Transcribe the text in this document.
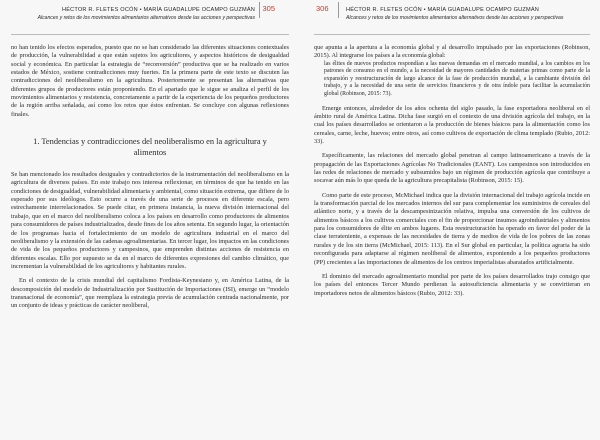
HÉCTOR R. FLETES OCÓN • MARÍA GUADALUPE OCAMPO GUZMÁN
Alcances y retos de los movimientos alimentarios alternativos desde las acciones y perspectivas
305

no han tenido los efectos esperados, puesto que no se han considerado las diferentes situaciones contextuales de producción, la vulnerabilidad a que están sujetos los agricultores, y aspectos históricos de desigualdad social y económica. En particular la estrategia de “reconversión” productiva que se ha realizado en varios estados de México, sostiene contradicciones muy fuertes. En la primera parte de este texto se discuten las contradicciones del neoliberalismo en la agricultura. Posteriormente se presentan las alternativas que diferentes grupos de productores están proponiendo. En el apartado que le sigue se analiza el perfil de los movimientos alimentarios y resistencia, concretamente a partir de la experiencia de los pequeños productores de la región arriba señalada, así como los retos que éstos enfrentan. Se concluye con algunas reflexiones finales.

1. Tendencias y contradicciones del neoliberalismo en la agricultura y alimentos

Se han mencionado los resultados desiguales y contradictorios de la instrumentación del neoliberalismo en la agricultura de diversos países. En este trabajo nos interesa reflexionar, en términos de que ha tenido en las condiciones de desigualdad, vulnerabilidad alimentaria y ambiental, como situación extrema, que difiere de lo esperado por sus ideólogos. Esto ocurre a través de una serie de procesos en diferente escala, pero estrechamente interrelacionados. Se puede citar, en primera instancia, la nueva división internacional del trabajo, que en el marco del neoliberalismo coloca a los países en desarrollo como productores de alimentos para consumidores de países industrializados, desde fines de los años setenta. En segundo lugar, la orientación de los programas hacia el fortalecimiento de un modelo de agricultura industrial en el marco del neoliberalismo y la extensión de las cadenas agroalimentarias. En tercer lugar, los impactos en las condiciones de vida de los pequeños productores y campesinos, que emprenden distintas acciones de resistencia en diferentes escalas. Ello por supuesto se da en el marco de diferentes expresiones del cambio climático, que incrementan la vulnerabilidad de los agricultores y habitantes rurales.

En el contexto de la crisis mundial del capitalismo Fordista-Keynesiano y, en América Latina, de la descomposición del modelo de Industrialización por Sustitución de Importaciones (ISI), emerge un “modelo transnacional de economía”, que reemplaza la estrategia previa de acumulación centrada nacionalmente, por un conjunto de ideas y prácticas de carácter neoliberal,

306	HÉCTOR R. FLETES OCÓN • MARÍA GUADALUPE OCAMPO GUZMÁN
Alcances y retos de los movimientos alimentarios alternativos desde las acciones y perspectivas

que apunta a la apertura a la economía global y al desarrollo impulsado por las exportaciones (Robinson, 2015). Al integrarse los países a la economía global:

las élites de nuevos productos respondían a las nuevas demandas en el mercado mundial, a los cambios en los patrones de consumo en el mundo, a la necesidad de mayores cantidades de materias primas como parte de la expansión y reestructuración de largo alcance de la fase de producción mundial, a la cambiante división del trabajo, y a la necesidad de una serie de servicios financieros y de otra índole para facilitar la acumulación global (Robinson, 2015: 73).

Emerge entonces, alrededor de los años ochenta del siglo pasado, la fase exportadora neoliberal en el ámbito rural de América Latina. Dicha fase surgió en el contexto de una división agrícola del trabajo, en la cual los países desarrollados se orientaron a la producción de bienes básicos para la alimentación como los cereales, carne, leche, huevos; entre otros, así como cultivos de exportación de clima templado (Rubio, 2012: 33).

Específicamente, las relaciones del mercado global penetran al campo latinoamericano a través de la propagación de las Exportaciones Agrícolas No Tradicionales (EANT). Los campesinos son introducidos en las redes de relaciones de mercado y subsumidos bajo un régimen de producción agrícola que contribuye a socavar aún más lo que queda de la agricultura precapitalista (Robinson, 2015: 15).

Como parte de este proceso, McMichael indica que la división internacional del trabajo agrícola incide en la transformación parcial de los mercados internos del sur para complementar los suministros de cereales del atlántico norte, y a través de la descampesinización relativa, impulsa una conversión de los cultivos de alimentos básicos a los cultivos comerciales con el fin de proporcionar insumos agroindustriales y alimentos para los consumidores de élite en ambos lugares. Esta reestructuración ha operado en favor del poder de la clase terrateniente, a expensas de las necesidades de tierra y de medios de vida de los pobres de las zonas rurales y de los sin tierra (McMichael, 2015: 113). En el Sur global en particular, la política agraria ha sido reconfigurada para adaptarse al régimen neoliberal de alimentos, exponiendo a los pequeños productores (PP) crecientes a las importaciones de alimentos de los centros imperialistas abaratados artificialmente.

El dominio del mercado agroalimentario mundial por parte de los países desarrollados trajo consigo que los países del entonces Tercer Mundo perdieran la autosuficiencia alimentaria y se convirtieran en importadores netos de alimentos básicos (Rubio, 2012: 33).
